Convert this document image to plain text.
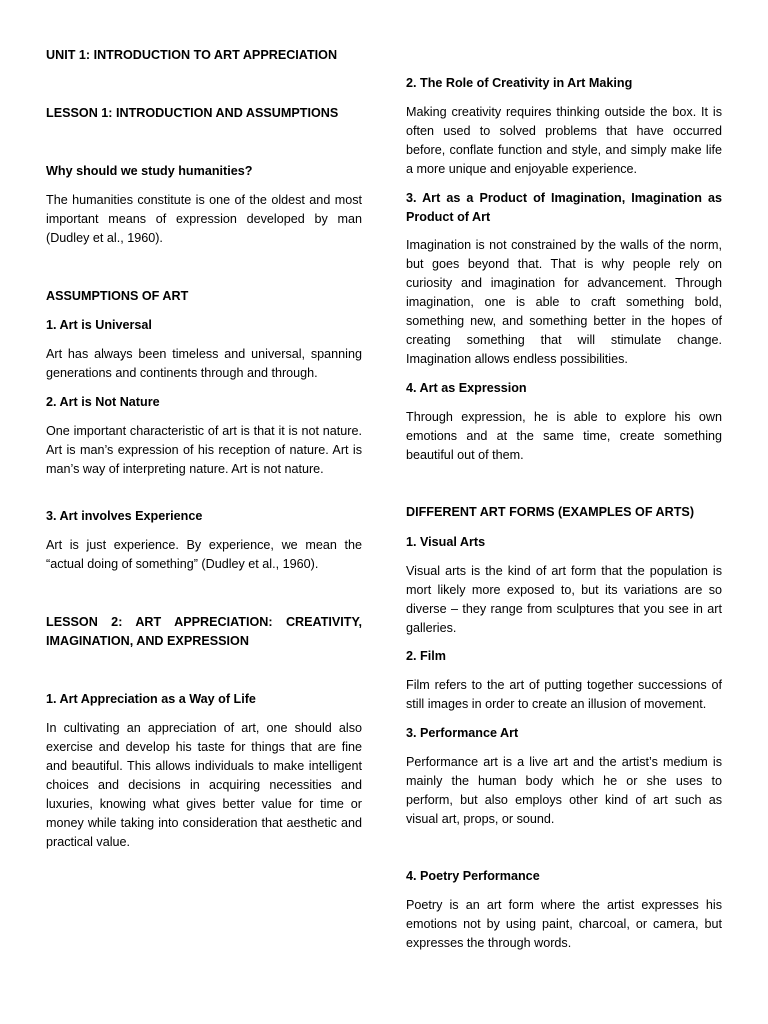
UNIT 1: INTRODUCTION TO ART APPRECIATION
LESSON 1: INTRODUCTION AND ASSUMPTIONS
Why should we study humanities?
The humanities constitute is one of the oldest and most important means of expression developed by man (Dudley et al., 1960).
ASSUMPTIONS OF ART
1. Art is Universal
Art has always been timeless and universal, spanning generations and continents through and through.
2. Art is Not Nature
One important characteristic of art is that it is not nature. Art is man’s expression of his reception of nature. Art is man’s way of interpreting nature. Art is not nature.
3. Art involves Experience
Art is just experience. By experience, we mean the “actual doing of something” (Dudley et al., 1960).
LESSON 2: ART APPRECIATION: CREATIVITY, IMAGINATION, AND EXPRESSION
1. Art Appreciation as a Way of Life
In cultivating an appreciation of art, one should also exercise and develop his taste for things that are fine and beautiful. This allows individuals to make intelligent choices and decisions in acquiring necessities and luxuries, knowing what gives better value for time or money while taking into consideration that aesthetic and practical value.
2. The Role of Creativity in Art Making
Making creativity requires thinking outside the box. It is often used to solved problems that have occurred before, conflate function and style, and simply make life a more unique and enjoyable experience.
3. Art as a Product of Imagination, Imagination as Product of Art
Imagination is not constrained by the walls of the norm, but goes beyond that. That is why people rely on curiosity and imagination for advancement. Through imagination, one is able to craft something bold, something new, and something better in the hopes of creating something that will stimulate change. Imagination allows endless possibilities.
4. Art as Expression
Through expression, he is able to explore his own emotions and at the same time, create something beautiful out of them.
DIFFERENT ART FORMS (EXAMPLES OF ARTS)
1. Visual Arts
Visual arts is the kind of art form that the population is mort likely more exposed to, but its variations are so diverse – they range from sculptures that you see in art galleries.
2. Film
Film refers to the art of putting together successions of still images in order to create an illusion of movement.
3. Performance Art
Performance art is a live art and the artist’s medium is mainly the human body which he or she uses to perform, but also employs other kind of art such as visual art, props, or sound.
4. Poetry Performance
Poetry is an art form where the artist expresses his emotions not by using paint, charcoal, or camera, but expresses the through words.
